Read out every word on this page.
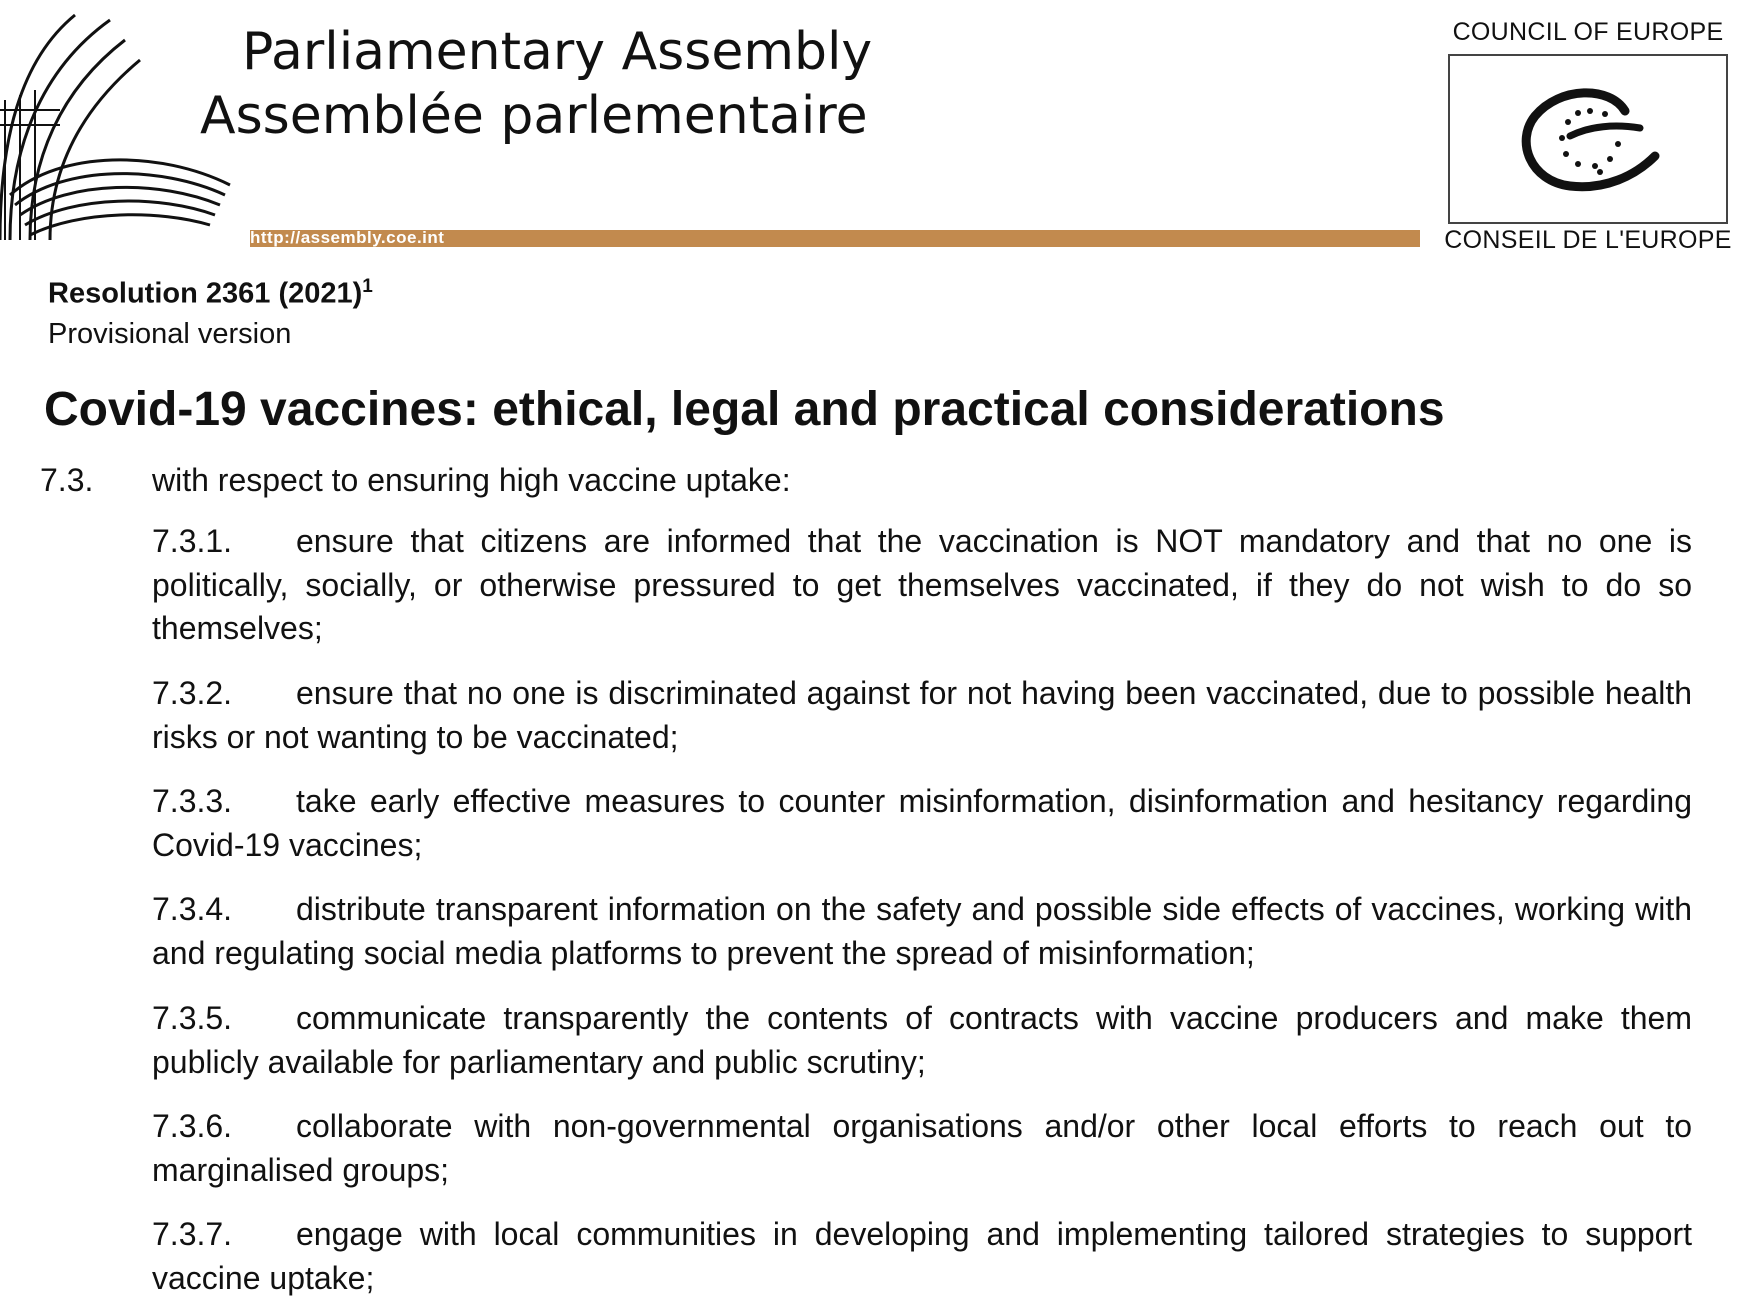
Parliamentary Assembly
Assemblée parlementaire
http://assembly.coe.int
COUNCIL OF EUROPE
CONSEIL DE L'EUROPE
Resolution 2361 $(2021)^1$
Provisional version
Covid-19 vaccines: ethical, legal and practical considerations
7.3. with respect to ensuring high vaccine uptake:
7.3.1. ensure that citizens are informed that the vaccination is NOT mandatory and that no one is politically, socially, or otherwise pressured to get themselves vaccinated, if they do not wish to do so themselves;
7.3.2. ensure that no one is discriminated against for not having been vaccinated, due to possible health risks or not wanting to be vaccinated;
7.3.3. take early effective measures to counter misinformation, disinformation and hesitancy regarding Covid-19 vaccines;
7.3.4. distribute transparent information on the safety and possible side effects of vaccines, working with and regulating social media platforms to prevent the spread of misinformation;
7.3.5. communicate transparently the contents of contracts with vaccine producers and make them publicly available for parliamentary and public scrutiny;
7.3.6. collaborate with non-governmental organisations and/or other local efforts to reach out to marginalised groups;
7.3.7. engage with local communities in developing and implementing tailored strategies to support vaccine uptake;
